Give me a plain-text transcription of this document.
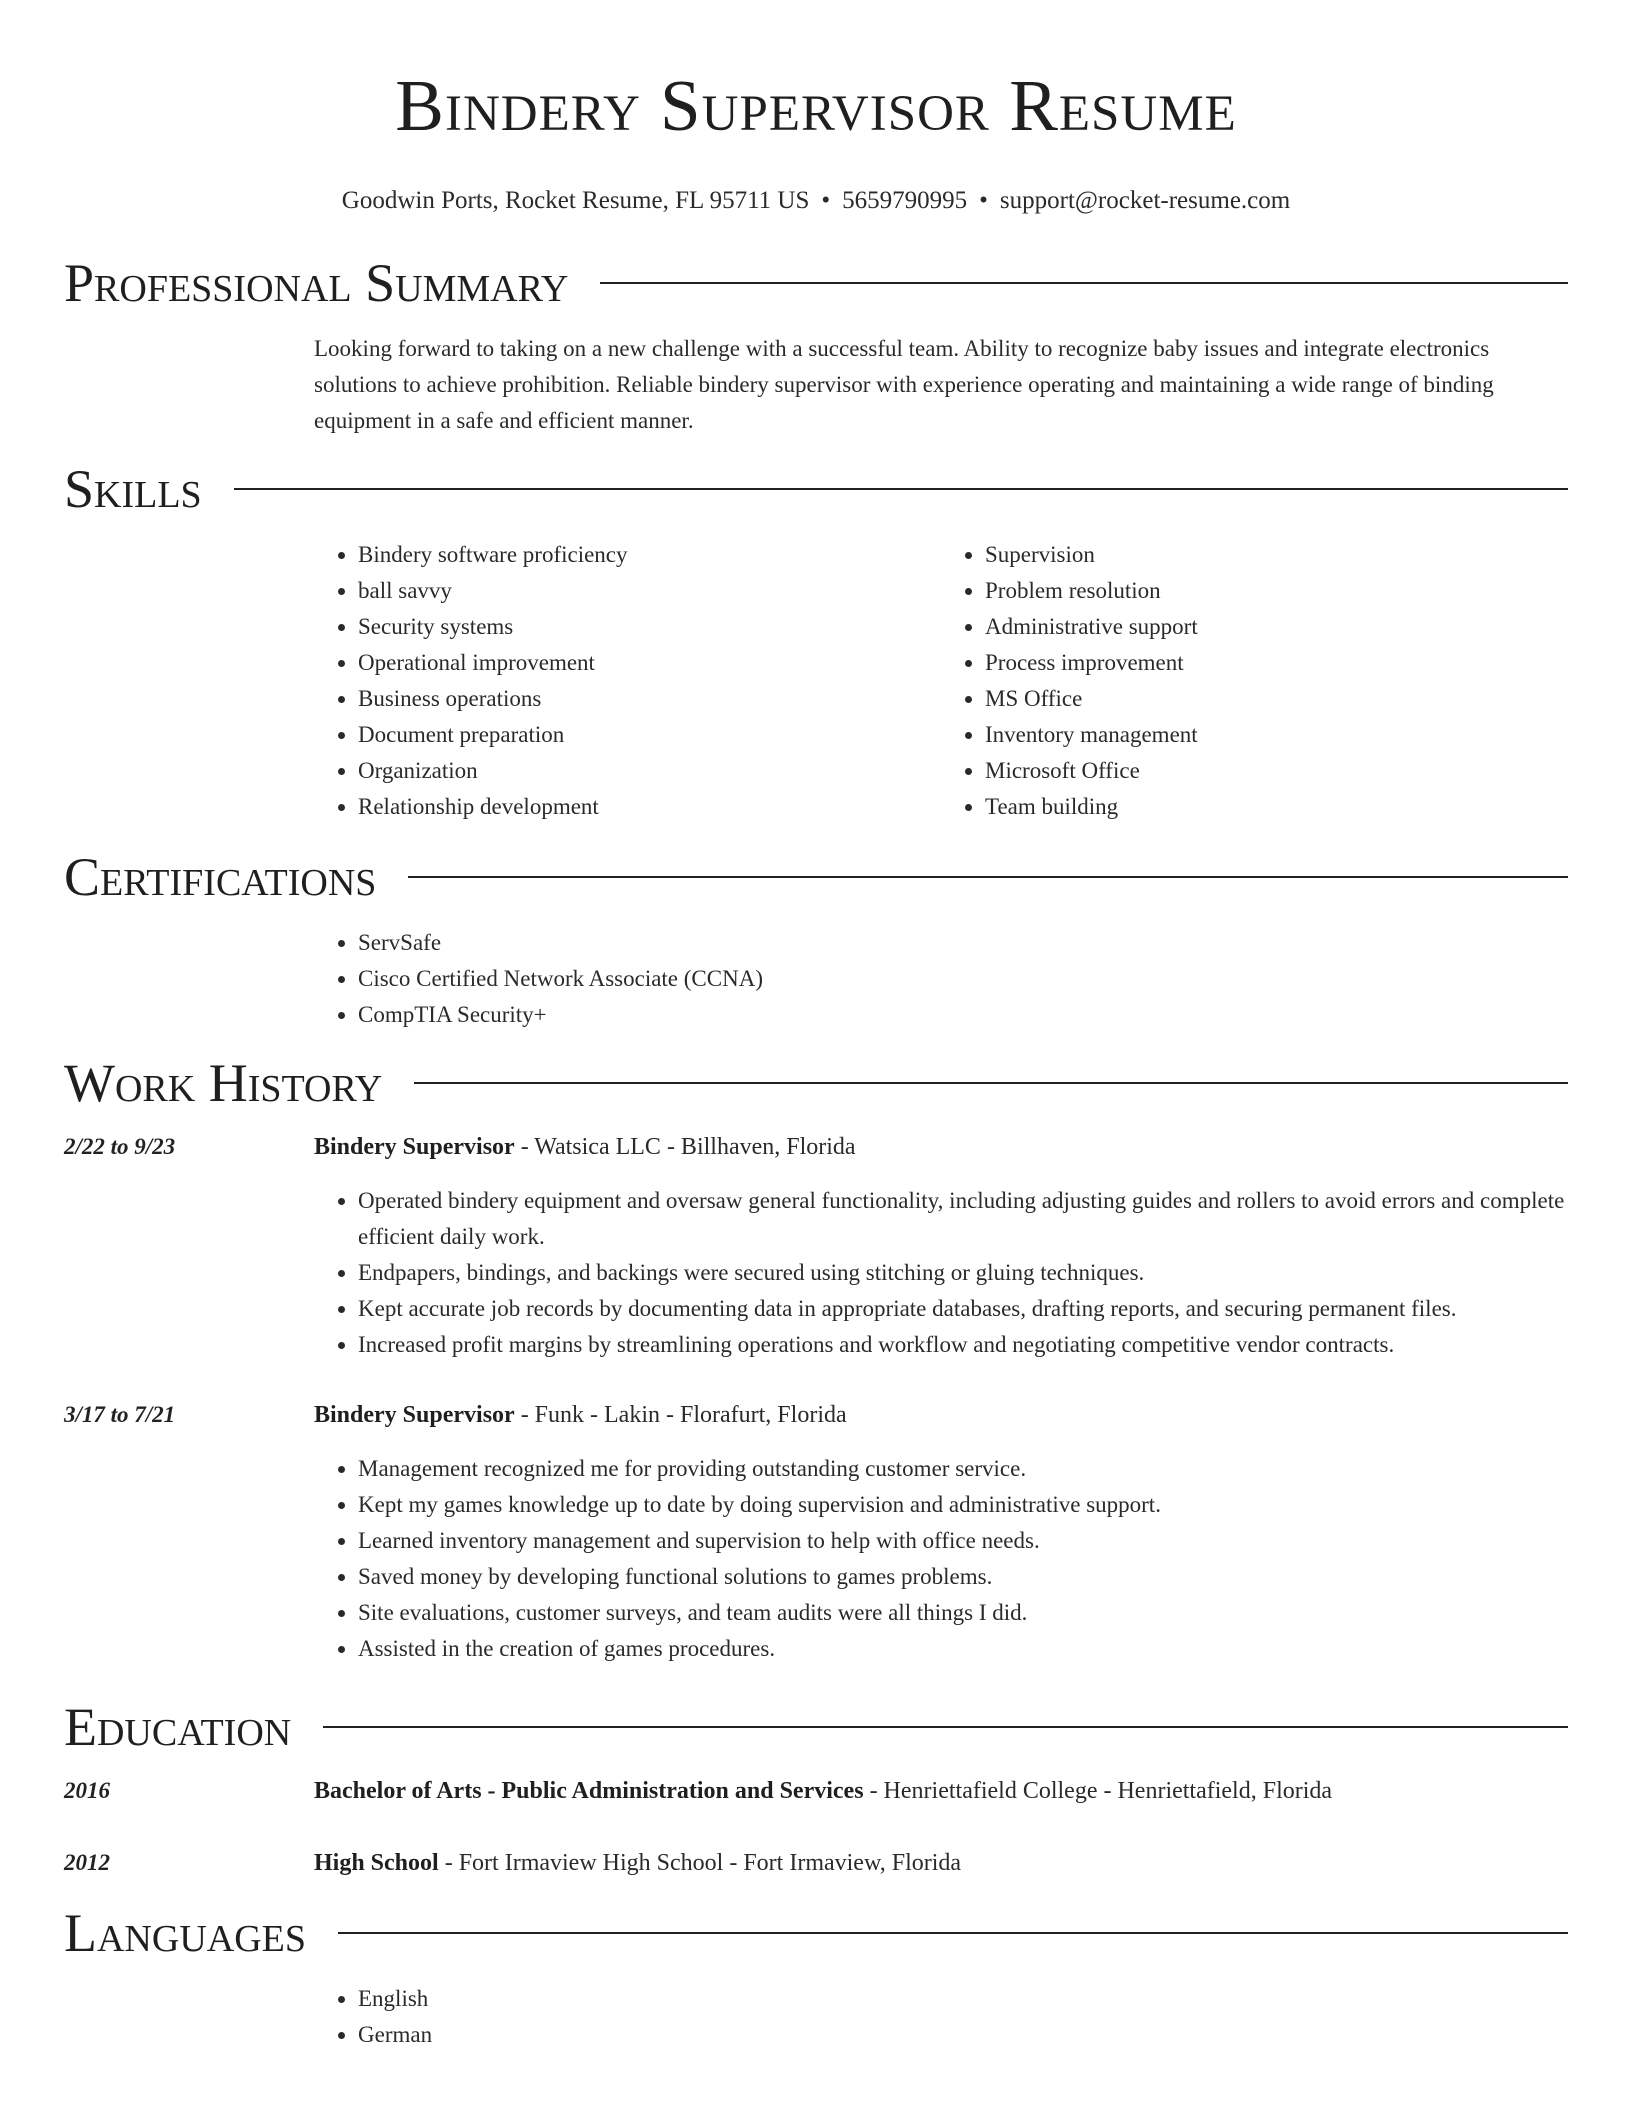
Bindery Supervisor Resume
Goodwin Ports, Rocket Resume, FL 95711 US • 5659790995 • support@rocket-resume.com
Professional Summary

Looking forward to taking on a new challenge with a successful team. Ability to recognize baby issues and integrate electronics solutions to achieve prohibition. Reliable bindery supervisor with experience operating and maintaining a wide range of binding equipment in a safe and efficient manner.

Skills
• Bindery software proficiency
• ball savvy
• Security systems
• Operational improvement
• Business operations
• Document preparation
• Organization
• Relationship development
• Supervision
• Problem resolution
• Administrative support
• Process improvement
• MS Office
• Inventory management
• Microsoft Office
• Team building
Certifications
• ServSafe
• Cisco Certified Network Associate (CCNA)
• CompTIA Security+
Work History
2/22 to 9/23	Bindery Supervisor - Watsica LLC - Billhaven, Florida
• Operated bindery equipment and oversaw general functionality, including adjusting guides and rollers to avoid errors and complete efficient daily work.
• Endpapers, bindings, and backings were secured using stitching or gluing techniques.
• Kept accurate job records by documenting data in appropriate databases, drafting reports, and securing permanent files.
• Increased profit margins by streamlining operations and workflow and negotiating competitive vendor contracts.
3/17 to 7/21	Bindery Supervisor - Funk - Lakin - Florafurt, Florida
• Management recognized me for providing outstanding customer service.
• Kept my games knowledge up to date by doing supervision and administrative support.
• Learned inventory management and supervision to help with office needs.
• Saved money by developing functional solutions to games problems.
• Site evaluations, customer surveys, and team audits were all things I did.
• Assisted in the creation of games procedures.
Education
2016	Bachelor of Arts - Public Administration and Services - Henriettafield College - Henriettafield, Florida
2012	High School - Fort Irmaview High School - Fort Irmaview, Florida
Languages
• English
• German
